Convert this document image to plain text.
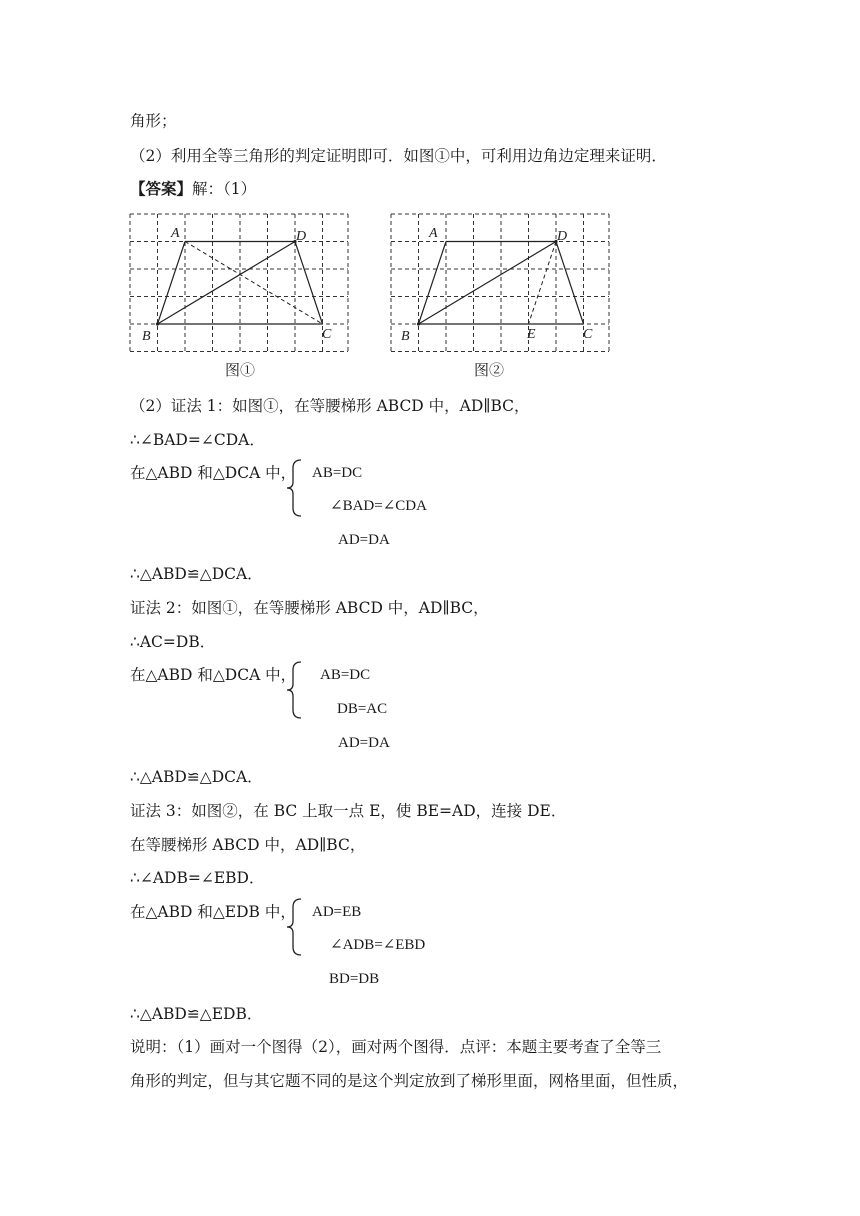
角形；
（2）利用全等三角形的判定证明即可．如图①中，可利用边角边定理来证明．
【答案】解：（1）
A	D
B	C
图①
A	D
B	E	C
图②
（2）证法 1：如图①，在等腰梯形 ABCD 中，AD∥BC，
∴∠BAD=∠CDA．
在△ABD 和△DCA 中， AB=DC
∠BAD=∠CDA
AD=DA
∴△ABD≌△DCA．
证法 2：如图①，在等腰梯形 ABCD 中，AD∥BC，
∴AC=DB．
在△ABD 和△DCA 中， AB=DC
DB=AC
AD=DA
∴△ABD≌△DCA．
证法 3：如图②，在 BC 上取一点 E，使 BE=AD，连接 DE．
在等腰梯形 ABCD 中，AD∥BC，
∴∠ADB=∠EBD．
在△ABD 和△EDB 中， AD=EB
∠ADB=∠EBD
BD=DB
∴△ABD≌△EDB．
说明：（1）画对一个图得（2），画对两个图得．点评：本题主要考查了全等三
角形的判定，但与其它题不同的是这个判定放到了梯形里面，网格里面，但性质，
